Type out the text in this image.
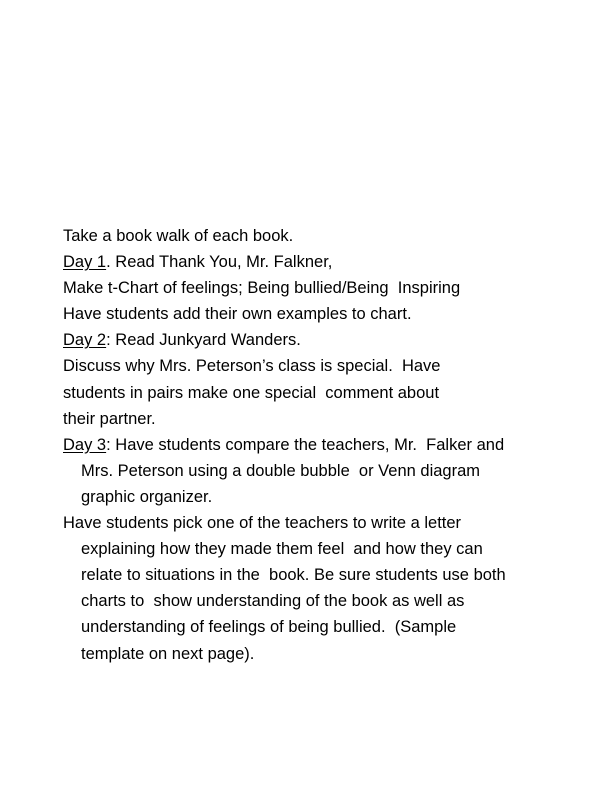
Take a book walk of each book.
Day 1. Read Thank You, Mr. Falkner,
Make t-Chart of feelings; Being bullied/Being  Inspiring
Have students add their own examples to chart.
Day 2: Read Junkyard Wanders.
Discuss why Mrs. Peterson’s class is special.  Have
students in pairs make one special  comment about
their partner.
Day 3: Have students compare the teachers, Mr.  Falker and
Mrs. Peterson using a double bubble  or Venn diagram
graphic organizer.
Have students pick one of the teachers to write a letter
explaining how they made them feel  and how they can
relate to situations in the  book. Be sure students use both
charts to  show understanding of the book as well as
understanding of feelings of being bullied.  (Sample
template on next page).
